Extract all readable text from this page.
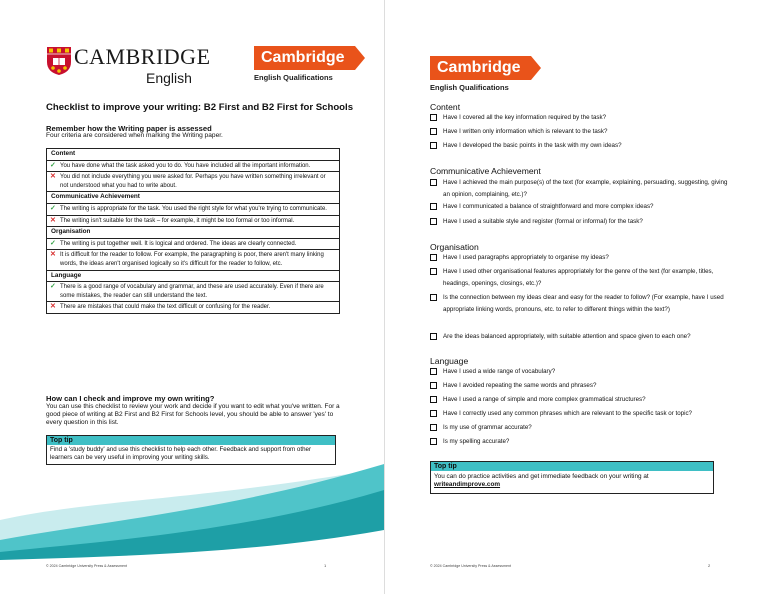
CAMBRIDGE
English
Cambridge
English Qualifications
Checklist to improve your writing: B2 First and B2 First for Schools
Remember how the Writing paper is assessed
Four criteria are considered when marking the Writing paper.
Content

✓ You have done what the task asked you to do. You have included all the important information.

✕ You did not include everything you were asked for. Perhaps you have written something irrelevant or not understood what you had to write about.
Communicative Achievement

✓ The writing is appropriate for the task. You used the right style for what you're trying to communicate.

✕ The writing isn't suitable for the task – for example, it might be too formal or too informal.
Organisation

✓ The writing is put together well. It is logical and ordered. The ideas are clearly connected.

✕ It is difficult for the reader to follow. For example, the paragraphing is poor, there aren't many linking words, the ideas aren't organised logically so it's difficult for the reader to follow, etc.
Language

✓ There is a good range of vocabulary and grammar, and these are used accurately. Even if there are some mistakes, the reader can still understand the text.

✕ There are mistakes that could make the text difficult or confusing for the reader.
How can I check and improve my own writing?
You can use this checklist to review your work and decide if you want to edit what you've written. For a good piece of writing at B2 First and B2 First for Schools level, you should be able to answer 'yes' to every question in this list.
Top tip
Find a 'study buddy' and use this checklist to help each other. Feedback and support from other learners can be very useful in improving your writing skills.
© 2024 Cambridge University Press & Assessment	1
Cambridge
English Qualifications
Content
Have I covered all the key information required by the task?
Have I written only information which is relevant to the task?
Have I developed the basic points in the task with my own ideas?
Communicative Achievement
Have I achieved the main purpose(s) of the text (for example, explaining, persuading, suggesting, giving an opinion, complaining, etc.)?
Have I communicated a balance of straightforward and more complex ideas?
Have I used a suitable style and register (formal or informal) for the task?
Organisation
Have I used paragraphs appropriately to organise my ideas?
Have I used other organisational features appropriately for the genre of the text (for example, titles, headings, openings, closings, etc.)?
Is the connection between my ideas clear and easy for the reader to follow? (For example, have I used appropriate linking words, pronouns, etc. to refer to different things within the text?)
Are the ideas balanced appropriately, with suitable attention and space given to each one?
Language
Have I used a wide range of vocabulary?
Have I avoided repeating the same words and phrases?
Have I used a range of simple and more complex grammatical structures?
Have I correctly used any common phrases which are relevant to the specific task or topic?
Is my use of grammar accurate?
Is my spelling accurate?
Top tip
You can do practice activities and get immediate feedback on your writing at
writeandimprove.com
© 2024 Cambridge University Press & Assessment	2
